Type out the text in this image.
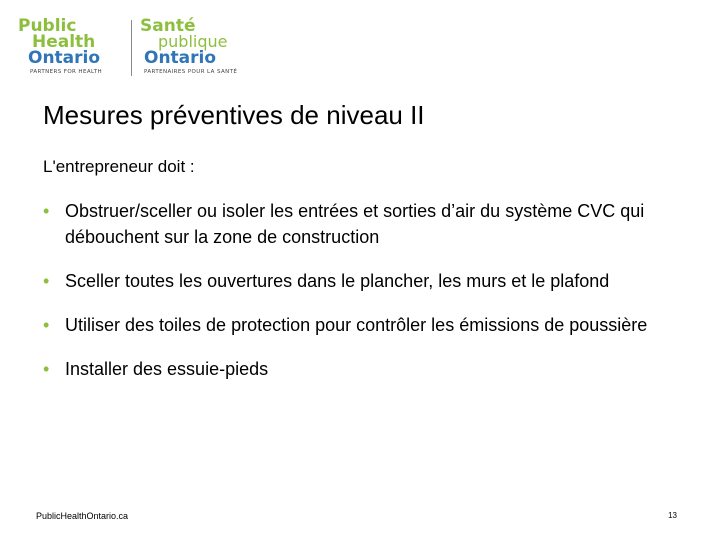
Public
Health
Ontario
PARTNERS FOR HEALTH
Santé
publique
Ontario
PARTENAIRES POUR LA SANTÉ
Mesures préventives de niveau II

L'entrepreneur doit :

• Obstruer/sceller ou isoler les entrées et sorties d’air du système CVC qui débouchent sur la zone de construction
• Sceller toutes les ouvertures dans le plancher, les murs et le plafond
• Utiliser des toiles de protection pour contrôler les émissions de poussière
• Installer des essuie-pieds
PublicHealthOntario.ca	13
